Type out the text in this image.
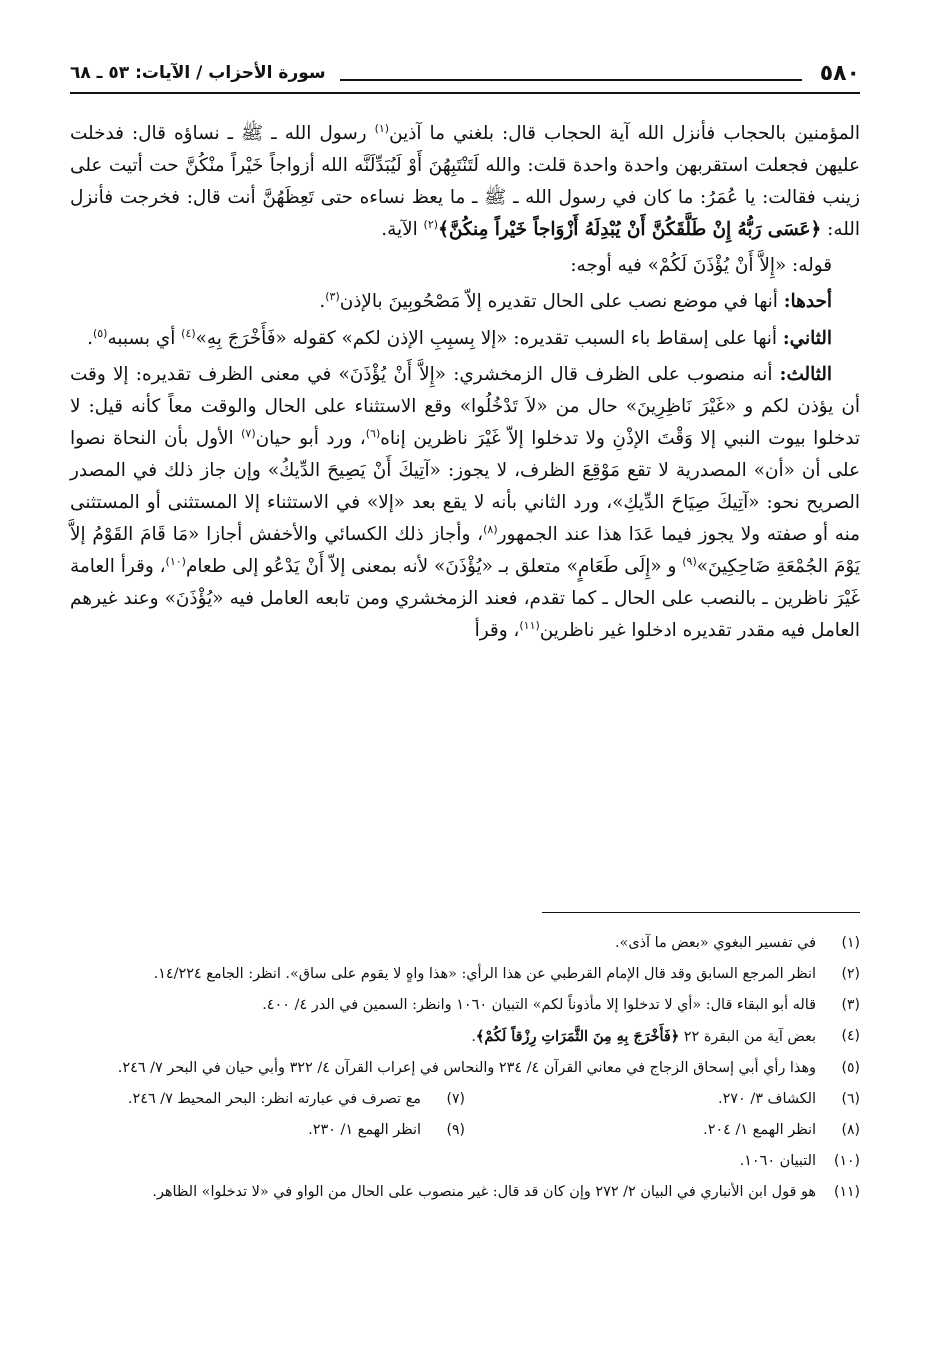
٥٨٠
سورة الأحزاب / الآيات: ٥٣ ـ ٦٨

المؤمنين بالحجاب فأنزل الله آية الحجاب قال: بلغني ما آذين$^{(١)}$ رسول الله ـ ﷺ ـ نساؤه قال: فدخلت عليهن فجعلت استقربهن واحدة واحدة قلت: والله لَتَنْتَبِهُنَ أَوْ لَيُبَدِّلَنَّه الله أزواجاً خَيْراً منْكُنَّ حت أتيت على زينب فقالت: يا عُمَرُ: ما كان في رسول الله ـ ﷺ ـ ما يعظ نساءه حتى تَعِظَهُنَّ أنت قال: فخرجت فأنزل الله: ﴿عَسَى رَبُّهُ إِنْ طَلَّقَكُنَّ أَنْ يُبْدِلَهُ أَزْوَاجاً خَيْراً مِنكُنَّ﴾$^{(٢)}$ الآية.

قوله: «إِلاَّ أَنْ يُؤْذَنَ لَكُمْ» فيه أوجه:

أحدها: أنها في موضع نصب على الحال تقديره إلاّ مَصْحُوبِينَ بالإذن$^{(٣)}$.

الثاني: أنها على إسقاط باء السبب تقديره: «إلا بِسبِبِ الإذن لكم» كقوله «فَأَخْرَجَ بِهِ»$^{(٤)}$ أي بسببه$^{(٥)}$.

الثالث: أنه منصوب على الظرف قال الزمخشري: «إِلاَّ أَنْ يُؤْذَنَ» في معنى الظرف تقديره: إلا وقت أن يؤذن لكم و «غَيْرَ نَاظِرِينَ» حال من «لاَ تَدْخُلُوا» وقع الاستثناء على الحال والوقت معاً كأنه قيل: لا تدخلوا بيوت النبي إلا وَقْتَ الإذْنِ ولا تدخلوا إلاّ غَيْرَ ناظرين إناه$^{(٦)}$، ورد أبو حيان$^{(٧)}$ الأول بأن النحاة نصوا على أن «أن» المصدرية لا تقع مَوْقِعَ الظرف، لا يجوز: «آتِيكَ أَنْ يَصِيحَ الدِّيكُ» وإن جاز ذلك في المصدر الصريح نحو: «آتِيكَ صِيَاحَ الدِّيكِ»، ورد الثاني بأنه لا يقع بعد «إلا» في الاستثناء إلا المستثنى أو المستثنى منه أو صفته ولا يجوز فيما عَدَا هذا عند الجمهور$^{(٨)}$، وأجاز ذلك الكسائي والأخفش أجازا «مَا قَامَ القَوْمُ إلاَّ يَوْمَ الجُمْعَةِ ضَاحِكِينَ»$^{(٩)}$ و «إِلَى طَعَامٍ» متعلق بـ «يُؤْذَنَ» لأنه بمعنى إلاّ أَنْ يَدْعُو إلى طعام$^{(١٠)}$، وقرأ العامة غَيْرَ ناظرين ـ بالنصب على الحال ـ كما تقدم، فعند الزمخشري ومن تابعه العامل فيه «يُؤْذَنَ» وعند غيرهم العامل فيه مقدر تقديره ادخلوا غير ناظرين$^{(١١)}$، وقرأ

(١)
في تفسير البغوي «بعض ما آذى».
(٢)
انظر المرجع السابق وقد قال الإمام القرطبي عن هذا الرأي: «هذا واهٍ لا يقوم على ساق». انظر: الجامع ١٤/٢٢٤.
(٣)
قاله أبو البقاء قال: «أي لا تدخلوا إلا مأذوناً لكم» التبيان ١٠٦٠ وانظر: السمين في الدر ٤/ ٤٠٠.
(٤)
بعض آية من البقرة ٢٢ ﴿فَأَخْرَجَ بِهِ مِنَ الثَّمَرَاتِ رِزْقاً لَكُمْ﴾.
(٥)
وهذا رأي أبي إسحاق الزجاج في معاني القرآن ٤/ ٢٣٤ والنحاس في إعراب القرآن ٤/ ٣٢٢ وأبي حيان في البحر ٧/ ٢٤٦.
(٦)
الكشاف ٣/ ٢٧٠.
(٧)
مع تصرف في عبارته انظر: البحر المحيط ٧/ ٢٤٦.
(٨)
انظر الهمع ١/ ٢٠٤.
(٩)
انظر الهمع ١/ ٢٣٠.
(١٠)
التبيان ١٠٦٠.
(١١)
هو قول ابن الأنباري في البيان ٢/ ٢٧٢ وإن كان قد قال: غير منصوب على الحال من الواو في «لا تدخلوا» الظاهر.
